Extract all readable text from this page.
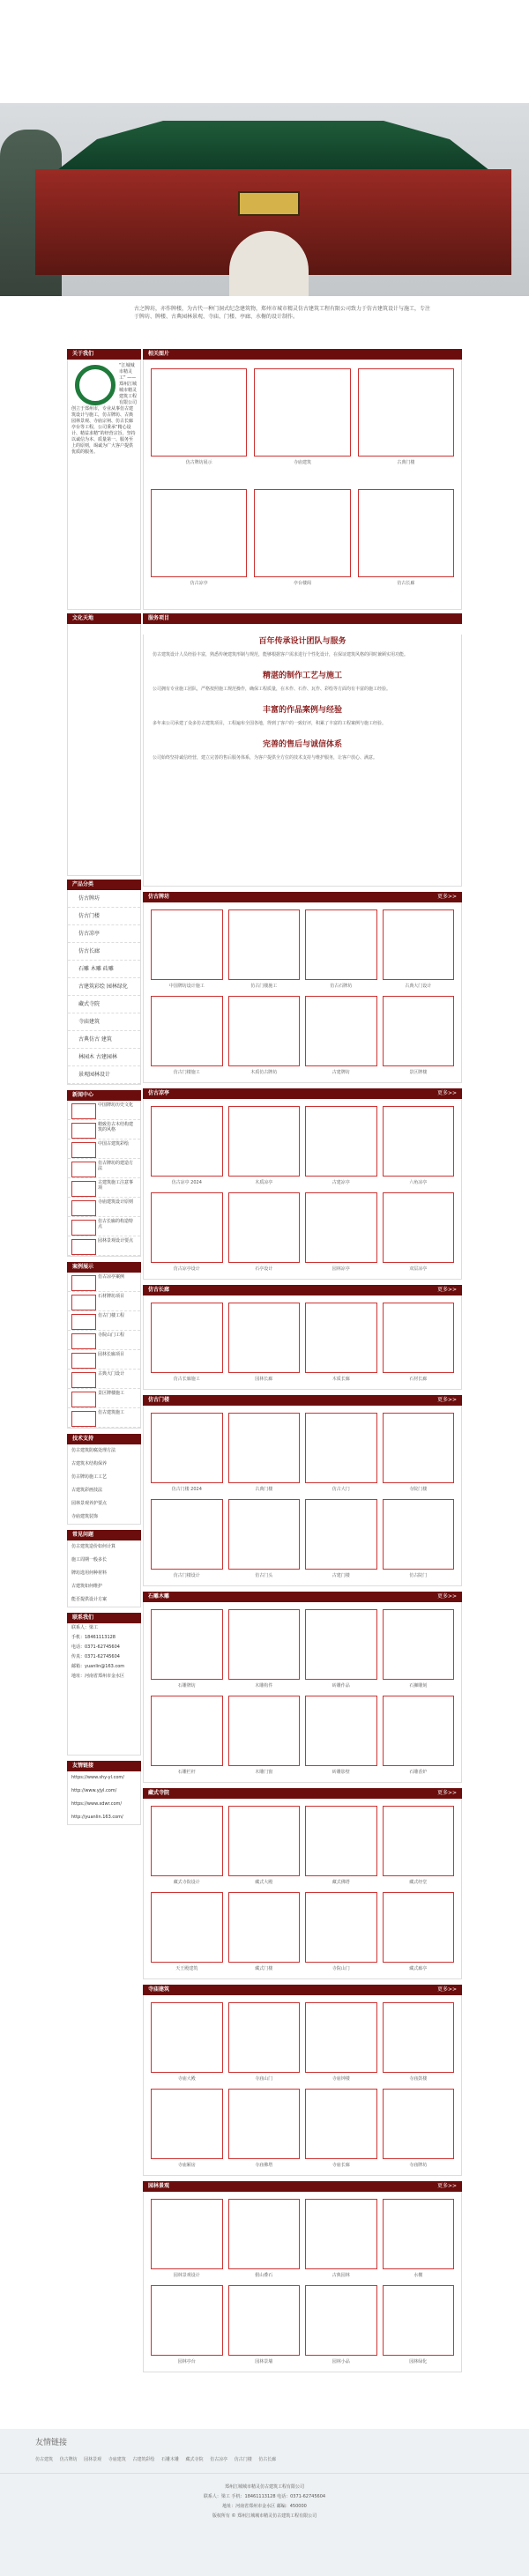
古之牌坊，亦作牌楼，为古代一种门洞式纪念建筑物，郑州市城市精灵仿古建筑工程有限公司致力于仿古建筑设计与施工，专注于牌坊、牌楼、古典园林景观、寺庙、门楼、亭廊、水榭的设计制作。
关于我们
“江城城市精灵工” —— 郑州江城城市精灵建筑工程有限公司创立于郑州市，专业从事仿古建筑设计与施工，仿古牌坊、古典园林景观、寺庙宗祠、仿古长廊亭台等工程，公司秉承“精心设计、精益求精”的经营宗旨，坚持以诚信为本、质量第一、服务至上的原则，竭诚为广大客户提供优质的服务。
文化天地
产品分类
仿古牌坊
仿古门楼
仿古凉亭
仿古长廊
石雕 木雕 砖雕
古建筑彩绘 园林绿化
藏式寺院
寺庙建筑
古典仿古 建筑
林园木 古建园林
景观园林设计
新闻中心
中国牌坊历史文化
精致仿古木结构建筑的风格
中国古建筑彩绘
仿古牌坊的建造方法
古建筑施工注意事项
寺庙建筑设计原则
仿古长廊的构造特点
园林景观设计要点
案例展示
仿古凉亭案例
石材牌坊项目
仿古门楼工程
寺院山门工程
园林长廊项目
古典大门设计
景区牌楼施工
仿古建筑施工
技术支持
仿古建筑防腐处理方法
古建筑木结构保养
仿古牌坊施工工艺
古建筑彩画技法
园林景观养护要点
寺庙建筑装饰
常见问题
仿古建筑造价如何计算
施工周期一般多长
牌坊选用何种材料
古建筑如何维护
能否提供设计方案
联系我们
联系人：梁工
手机：18461113128
电话：0371-62745604
传真：0371-62745604
邮箱：yuanlin@163.com
地址：河南省郑州市金水区
友情链接
https://www.shy-yl.com/
http://www.yjyl.com/
https://www.xdwr.com/
http://yuanlin.163.com/
相关图片
仿古牌坊展示	寺庙建筑	古典门楼
仿古凉亭	亭台楼阁	仿古长廊
服务项目
百年传承设计团队与服务

仿古建筑设计人员经验丰富，熟悉传统建筑形制与规范，能够根据客户需求进行个性化设计，在保证建筑风格的同时兼顾实用功能。

精湛的制作工艺与施工

公司拥有专业施工团队，严格按照施工规范操作，确保工程质量，在木作、石作、瓦作、彩绘等方面均有丰富的施工经验。

丰富的作品案例与经验

多年来公司承建了众多仿古建筑项目，工程遍布全国各地，得到了客户的一致好评，积累了丰富的工程案例与施工经验。

完善的售后与诚信体系

公司始终坚持诚信经营，建立完善的售后服务体系，为客户提供全方位的技术支持与维护服务，让客户放心、满意。

仿古牌坊	更多>>
中国牌坊设计施工	仿古门楼施工	仿古石牌坊	古典大门设计
仿古门楼施工	木质仿古牌坊	古建牌坊	景区牌楼
仿古凉亭	更多>>
仿古凉亭 2024	木质凉亭	古建凉亭	六角凉亭
仿古凉亭设计	石亭设计	园林凉亭	双层凉亭
仿古长廊	更多>>
仿古长廊施工	园林长廊	木质长廊	石材长廊
仿古门楼	更多>>
仿古门楼 2024	古典门楼	仿古大门	寺院门楼
仿古门楼设计	仿古门头	古建门楼	仿古院门
石雕木雕	更多>>
石雕牌坊	木雕构件	砖雕作品	石狮雕刻
石雕栏杆	木雕门窗	砖雕影壁	石雕香炉
藏式寺院	更多>>
藏式寺院设计	藏式大殿	藏式佛塔	藏式经堂
天王殿建筑	藏式门楼	寺院山门	藏式廊亭
寺庙建筑	更多>>
寺庙大殿	寺庙山门	寺庙钟楼	寺庙鼓楼
寺庙厢房	寺庙佛塔	寺庙长廊	寺庙牌坊
园林景观	更多>>
园林景观设计	假山叠石	古典园林	水榭
园林亭台	园林景墙	园林小品	园林绿化
友情链接
仿古建筑 仿古牌坊 园林景观 寺庙建筑 古建筑彩绘 石雕木雕 藏式寺院 仿古凉亭 仿古门楼 仿古长廊
郑州江城城市精灵仿古建筑工程有限公司
联系人：梁工 手机：18461113128 电话：0371-62745604
地址：河南省郑州市金水区 邮编：450000
版权所有 © 郑州江城城市精灵仿古建筑工程有限公司
